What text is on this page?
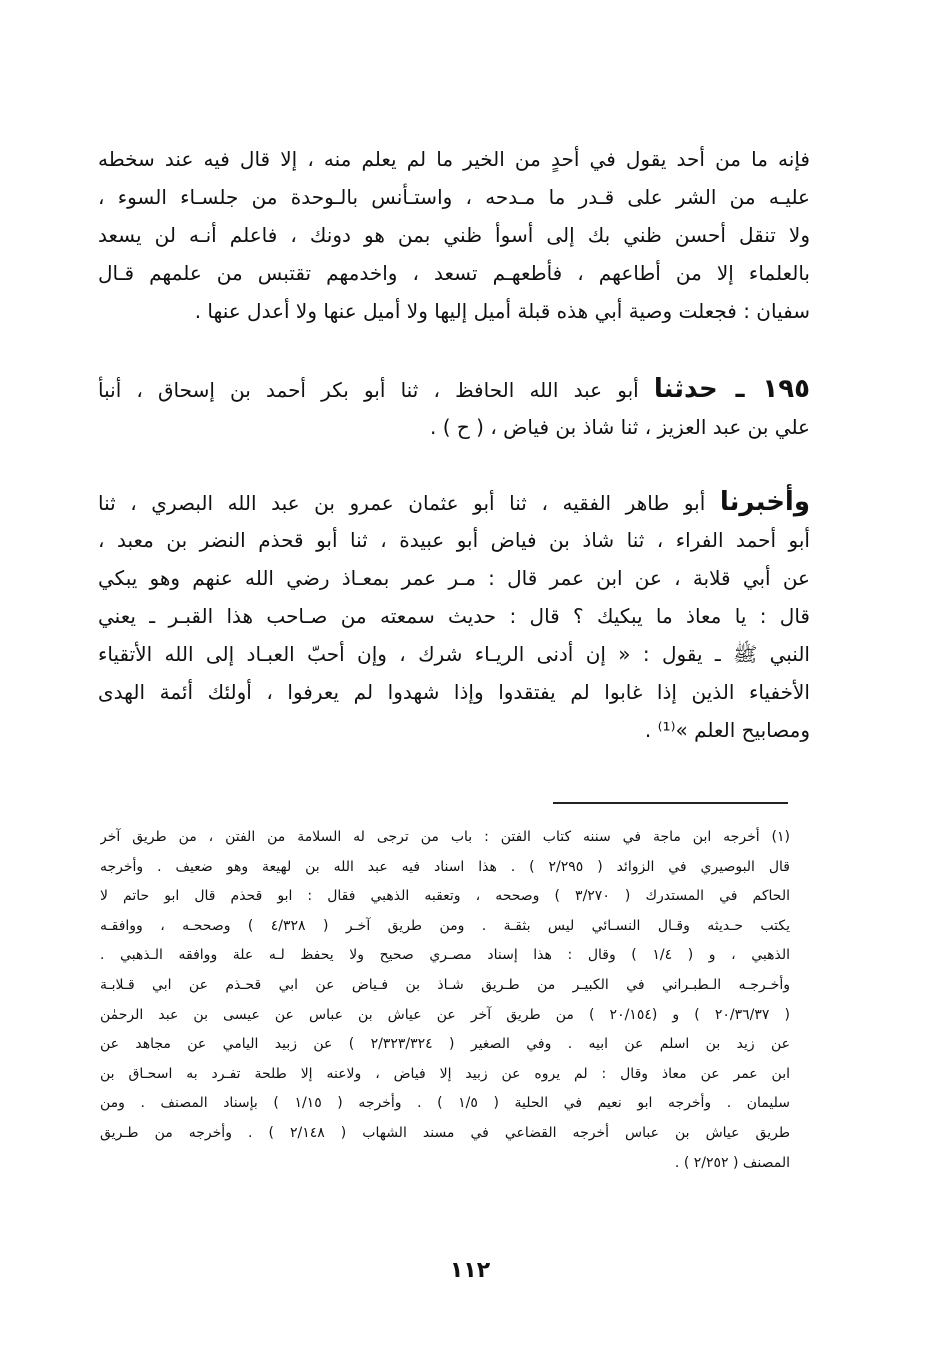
فإنه ما من أحد يقول في أحدٍ من الخير ما لم يعلم منه ، إلا قال فيه عند سخطه
عليـه من الشر على قـدر ما مـدحه ، واستـأنس بالـوحدة من جلسـاء السوء ،
ولا تنقل أحسن ظني بك إلى أسوأ ظني بمن هو دونك ، فاعلم أنـه لن يسعد
بالعلماء إلا من أطاعهم ، فأطعهـم تسعد ، واخدمهم تقتبس من علمهم قـال
سفيان : فجعلت وصية أبي هذه قبلة أميل إليها ولا أميل عنها ولا أعدل عنها .
١٩٥ ـ حدثنا أبو عبد الله الحافظ ، ثنا أبو بكر أحمد بن إسحاق ، أنبأ
علي بن عبد العزيز ، ثنا شاذ بن فياض ، ( ح ) .
وأخبرنا أبو طاهر الفقيه ، ثنا أبو عثمان عمرو بن عبد الله البصري ، ثنا
أبو أحمد الفراء ، ثنا شاذ بن فياض أبو عبيدة ، ثنا أبو قحذم النضر بن معبد ،
عن أبي قلابة ، عن ابن عمر قال : مـر عمر بمعـاذ رضي الله عنهم وهو يبكي
قال : يا معاذ ما يبكيك ؟ قال : حديث سمعته من صـاحب هذا القبـر ـ يعني
النبي ﷺ ـ يقول : « إن أدنى الريـاء شرك ، وإن أحبّ العبـاد إلى الله الأتقياء
الأخفياء الذين إذا غابوا لم يفتقدوا وإذا شهدوا لم يعرفوا ، أولئك أئمة الهدى
ومصابيح العلم »⁽¹⁾ .
(١) أخرجه ابن ماجة في سننه كتاب الفتن : باب من ترجى له السلامة من الفتن ، من طريق آخر
قال البوصيري في الزوائد ( ٢/٢٩٥ ) . هذا اسناد فيه عبد الله بن لهيعة وهو ضعيف . وأخرجه
الحاكم في المستدرك ( ٣/٢٧٠ ) وصححه ، وتعقبه الذهبي فقال : ابو قحذم قال ابو حاتم لا
يكتب حـديثه وقـال النسـائي ليس بثقـة . ومن طريق آخـر ( ٤/٣٢٨ ) وصححـه ، ووافقـه
الذهبي ، و ( ١/٤ ) وقال : هذا إسناد مصـري صحيح ولا يحفظ لـه علة ووافقه الـذهبي .
وأخـرجـه الـطبـراني في الكبيـر من طـريق شـاذ بن فـياض عن ابي قحـذم عن ابي قـلابـة
( ٢٠/٣٦/٣٧ ) و (٢٠/١٥٤ ) من طريق آخر عن عياش بن عباس عن عيسى بن عبد الرحمٰن
عن زيد بن اسلم عن ابيه . وفي الصغير ( ٢/٣٢٣/٣٢٤ ) عن زبيد اليامي عن مجاهد عن
ابن عمر عن معاذ وقال : لم يروه عن زبيد إلا فياض ، ولاعنه إلا طلحة تفـرد به اسحـاق بن
سليمان . وأخرجه ابو نعيم في الحلية ( ١/٥ ) . وأخرجه ( ١/١٥ ) بإسناد المصنف . ومن
طريق عياش بن عباس أخرجه القضاعي في مسند الشهاب ( ٢/١٤٨ ) . وأخرجه من طـريق
المصنف ( ٢/٢٥٢ ) .
١١٢
